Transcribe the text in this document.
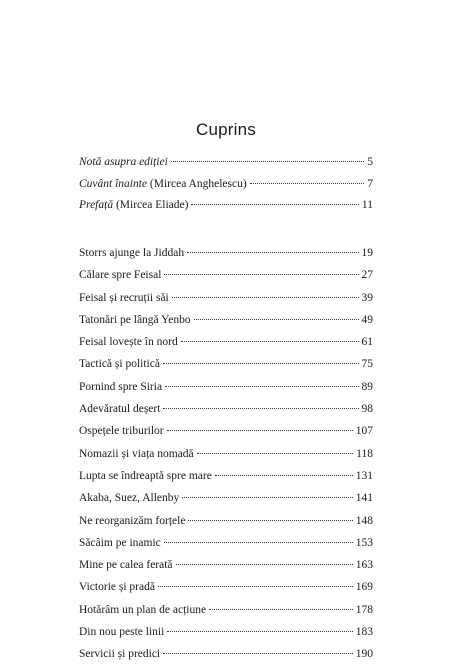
Cuprins
Notă asupra ediției	5
Cuvânt înainte (Mircea Anghelescu)	7
Prefață (Mircea Eliade)	11
Storrs ajunge la Jiddah	19
Călare spre Feisal	27
Feisal și recruții săi	39
Tatonări pe lângă Yenbo	49
Feisal lovește în nord	61
Tactică și politică	75
Pornind spre Siria	89
Adevăratul deșert	98
Ospețele triburilor	107
Nomazii și viața nomadă	118
Lupta se îndreaptă spre mare	131
Akaba, Suez, Allenby	141
Ne reorganizăm forțele	148
Săcâim pe inamic	153
Mine pe calea ferată	163
Victorie și pradă	169
Hotărâm un plan de acțiune	178
Din nou peste linii	183
Servicii și predici	190
